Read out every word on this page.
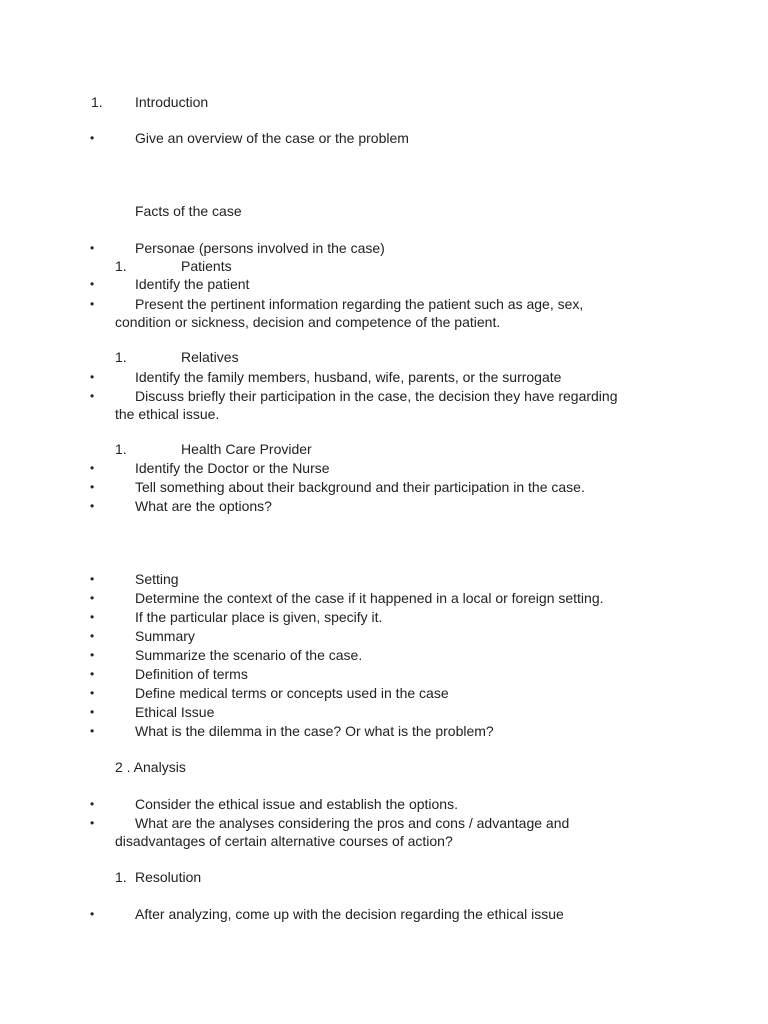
1. Introduction
•	Give an overview of the case or the problem
Facts of the case
•	Personae (persons involved in the case)
1.	Patients
•	Identify the patient
•	Present the pertinent information regarding the patient such as age, sex,
condition or sickness, decision and competence of the patient.
1.	Relatives
•	Identify the family members, husband, wife, parents, or the surrogate
•	Discuss briefly their participation in the case, the decision they have regarding
the ethical issue.
1.	Health Care Provider
•	Identify the Doctor or the Nurse
•	Tell something about their background and their participation in the case.
•	What are the options?
•	Setting
•	Determine the context of the case if it happened in a local or foreign setting.
•	If the particular place is given, specify it.
•	Summary
•	Summarize the scenario of the case.
•	Definition of terms
•	Define medical terms or concepts used in the case
•	Ethical Issue
•	What is the dilemma in the case? Or what is the problem?
2 . Analysis
•	Consider the ethical issue and establish the options.
•	What are the analyses considering the pros and cons / advantage and
disadvantages of certain alternative courses of action?
1. Resolution
•	After analyzing, come up with the decision regarding the ethical issue
